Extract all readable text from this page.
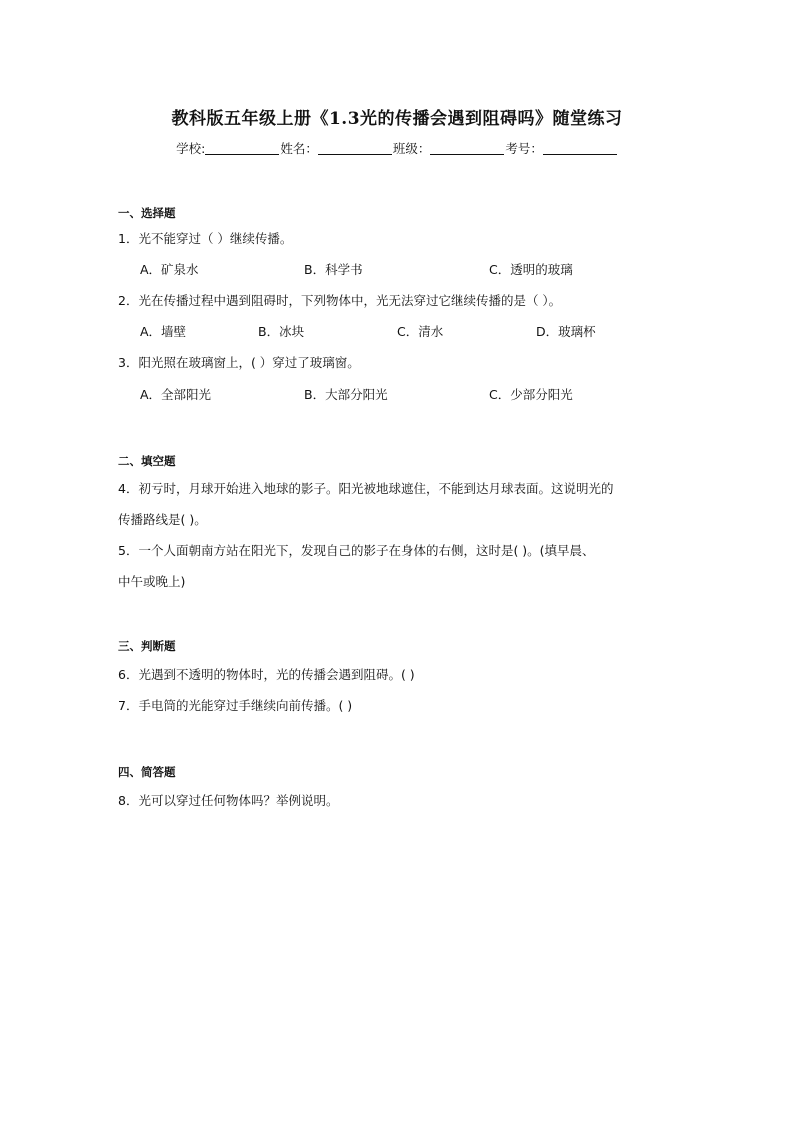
教科版五年级上册《1.3光的传播会遇到阻碍吗》随堂练习
学校:	姓名：	班级：	考号：
一、选择题
1．光不能穿过（ ）继续传播。
A．矿泉水	B．科学书	C．透明的玻璃
2．光在传播过程中遇到阻碍时，下列物体中，光无法穿过它继续传播的是（ ）。
A．墙壁	B．冰块	C．清水	D．玻璃杯
3．阳光照在玻璃窗上，( ）穿过了玻璃窗。
A．全部阳光	B．大部分阳光	C．少部分阳光
二、填空题
4．初亏时，月球开始进入地球的影子。阳光被地球遮住，不能到达月球表面。这说明光的
传播路线是( )。
5．一个人面朝南方站在阳光下，发现自己的影子在身体的右侧，这时是( )。(填早晨、
中午或晚上)
三、判断题
6．光遇到不透明的物体时，光的传播会遇到阻碍。( )
7．手电筒的光能穿过手继续向前传播。( )
四、简答题
8．光可以穿过任何物体吗？举例说明。
